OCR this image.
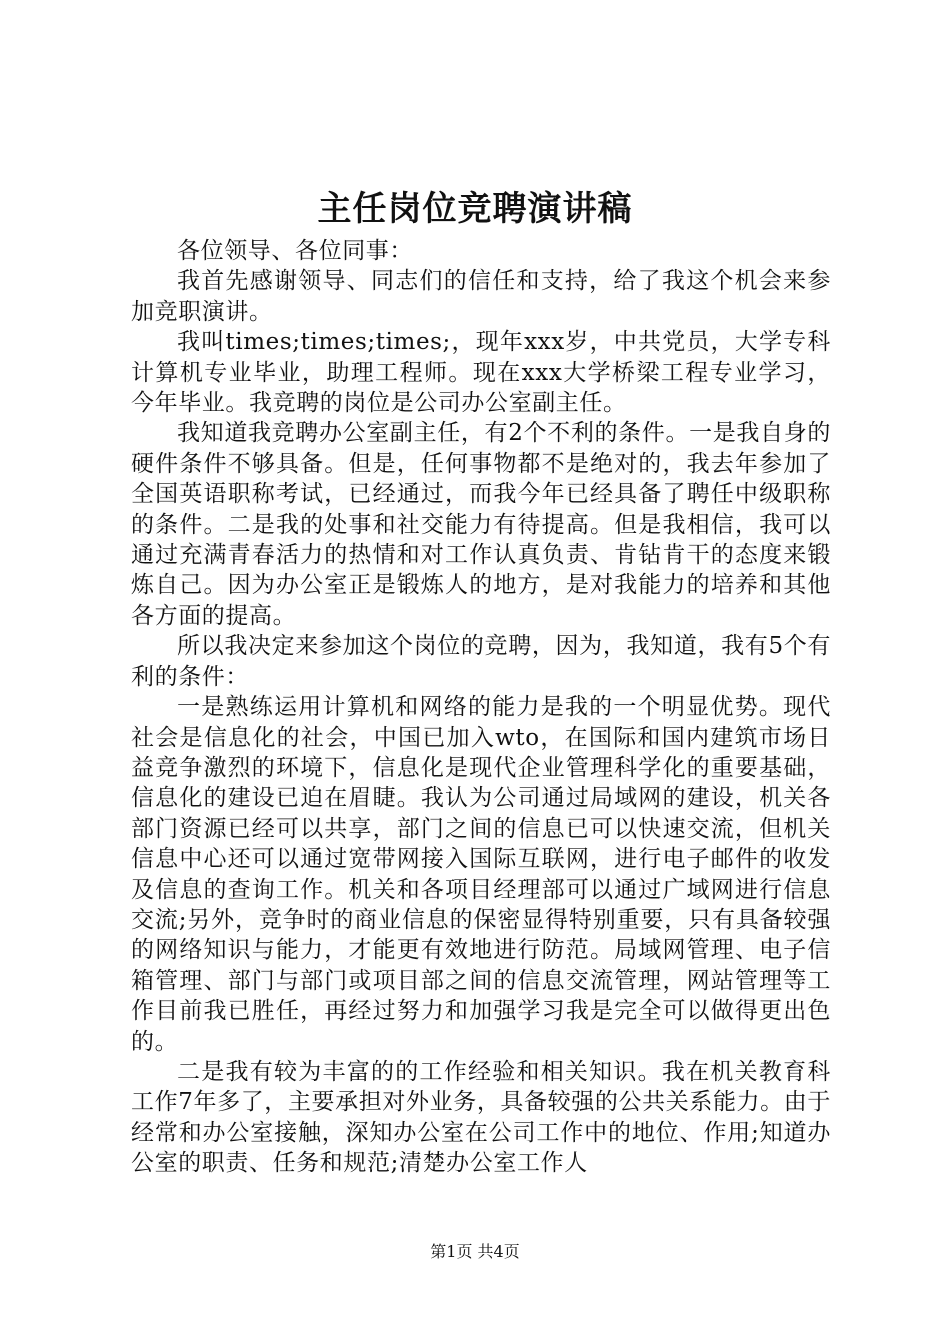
主任岗位竞聘演讲稿

各位领导、各位同事：

我首先感谢领导、同志们的信任和支持，给了我这个机会来参加竞职演讲。

我叫times;times;times;，现年xxx岁，中共党员，大学专科计算机专业毕业，助理工程师。现在xxx大学桥梁工程专业学习，今年毕业。我竞聘的岗位是公司办公室副主任。

我知道我竞聘办公室副主任，有2个不利的条件。一是我自身的硬件条件不够具备。但是，任何事物都不是绝对的，我去年参加了全国英语职称考试，已经通过，而我今年已经具备了聘任中级职称的条件。二是我的处事和社交能力有待提高。但是我相信，我可以通过充满青春活力的热情和对工作认真负责、肯钻肯干的态度来锻炼自己。因为办公室正是锻炼人的地方，是对我能力的培养和其他各方面的提高。

所以我决定来参加这个岗位的竞聘，因为，我知道，我有5个有利的条件：

一是熟练运用计算机和网络的能力是我的一个明显优势。现代社会是信息化的社会，中国已加入wto，在国际和国内建筑市场日益竞争激烈的环境下，信息化是现代企业管理科学化的重要基础，信息化的建设已迫在眉睫。我认为公司通过局域网的建设，机关各部门资源已经可以共享，部门之间的信息已可以快速交流，但机关信息中心还可以通过宽带网接入国际互联网，进行电子邮件的收发及信息的查询工作。机关和各项目经理部可以通过广域网进行信息交流;另外，竞争时的商业信息的保密显得特别重要，只有具备较强的网络知识与能力，才能更有效地进行防范。局域网管理、电子信箱管理、部门与部门或项目部之间的信息交流管理，网站管理等工作目前我已胜任，再经过努力和加强学习我是完全可以做得更出色的。

二是我有较为丰富的的工作经验和相关知识。我在机关教育科工作7年多了，主要承担对外业务，具备较强的公共关系能力。由于经常和办公室接触，深知办公室在公司工作中的地位、作用;知道办公室的职责、任务和规范;清楚办公室工作人

第1页 共4页
